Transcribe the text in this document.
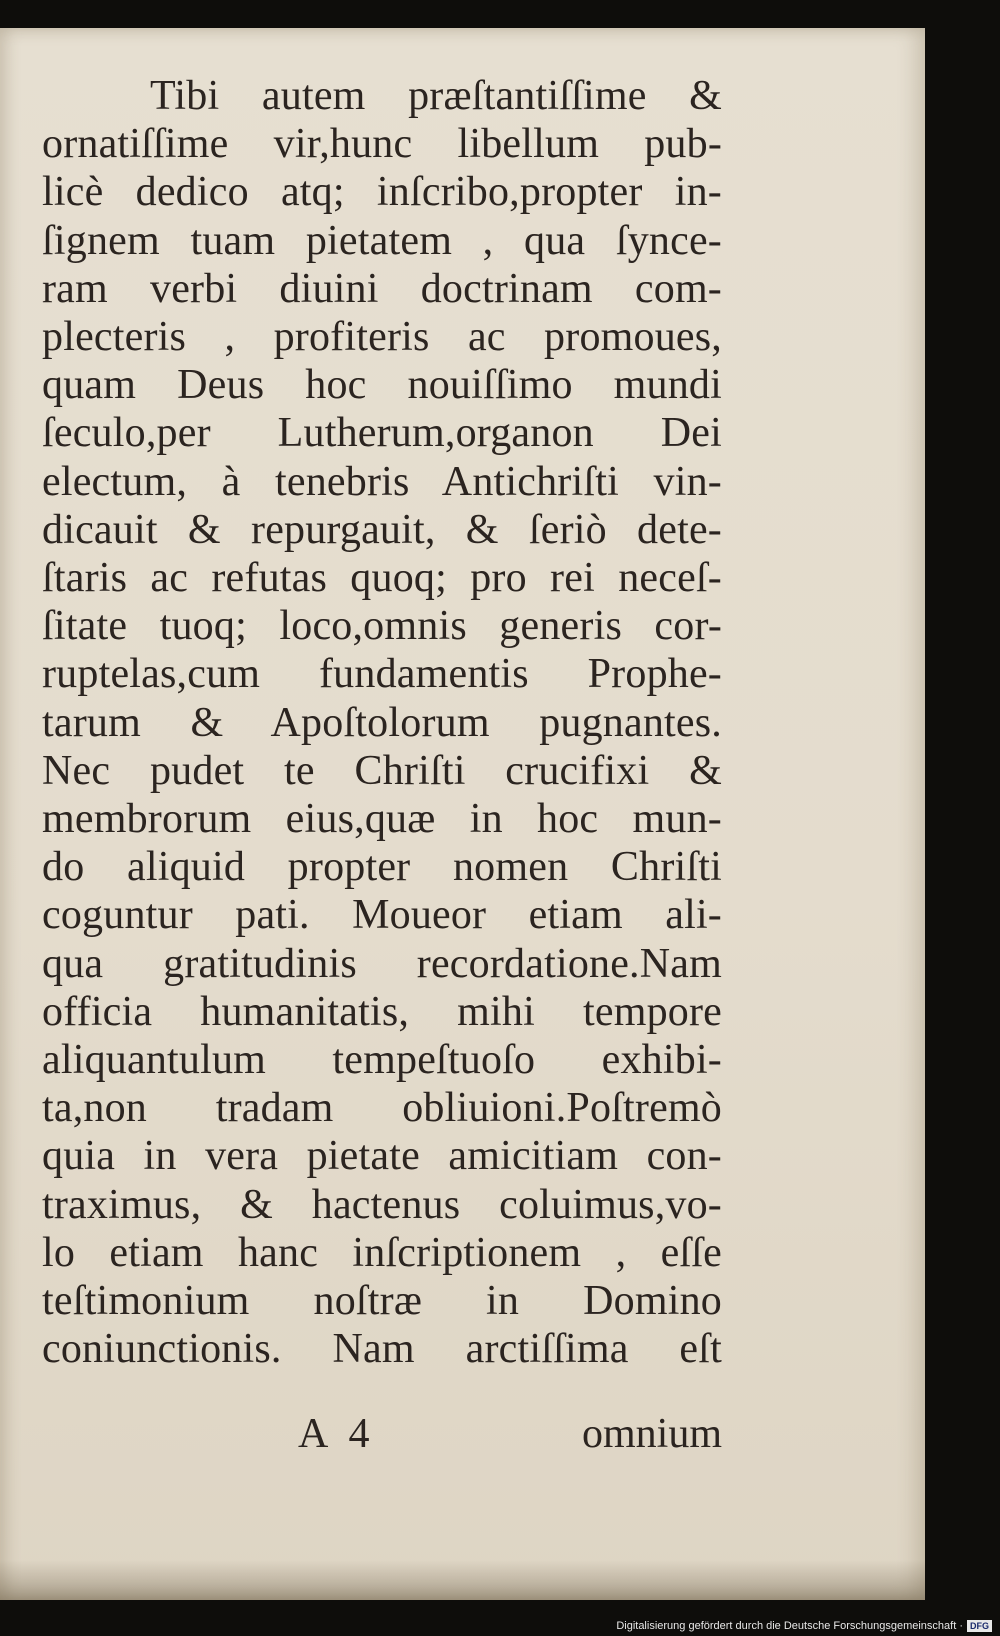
Tibi autem præſtantiſſime &
ornatiſſime vir,hunc libellum pub-
licè dedico atq; inſcribo,propter in-
ſignem tuam pietatem , qua ſynce-
ram verbi diuini doctrinam com-
plecteris , profiteris ac promoues,
quam Deus hoc nouiſſimo mundi
ſeculo,per Lutherum,organon Dei
electum, à tenebris Antichriſti vin-
dicauit & repurgauit, & ſeriò dete-
ſtaris ac refutas quoq; pro rei neceſ-
ſitate tuoq; loco,omnis generis cor-
ruptelas,cum fundamentis Prophe-
tarum & Apoſtolorum pugnantes.
Nec pudet te Chriſti crucifixi &
membrorum eius,quæ in hoc mun-
do aliquid propter nomen Chriſti
coguntur pati. Moueor etiam ali-
qua gratitudinis recordatione.Nam
officia humanitatis, mihi tempore
aliquantulum tempeſtuoſo exhibi-
ta,non tradam obliuioni.Poſtremò
quia in vera pietate amicitiam con-
traximus, & hactenus coluimus,vo-
lo etiam hanc inſcriptionem , eſſe
teſtimonium noſtræ in Domino
coniunctionis. Nam arctiſſima eſt
A 4	omnium
Digitalisierung gefördert durch die Deutsche Forschungsgemeinschaft · DFG
